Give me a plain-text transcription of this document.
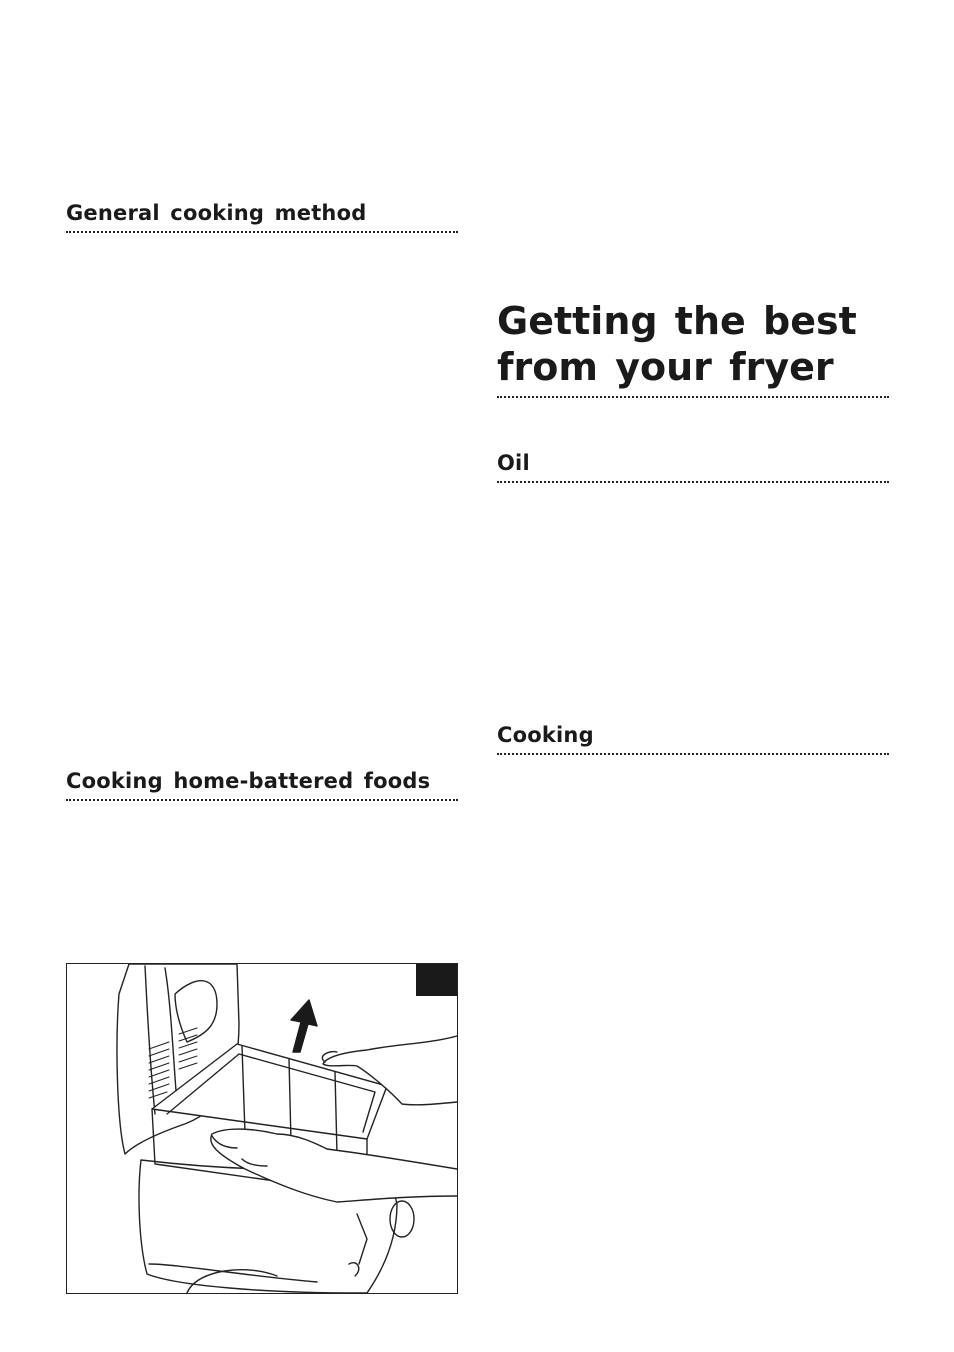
General cooking method
Getting the best
from your fryer
Oil
Cooking
Cooking home-battered foods
